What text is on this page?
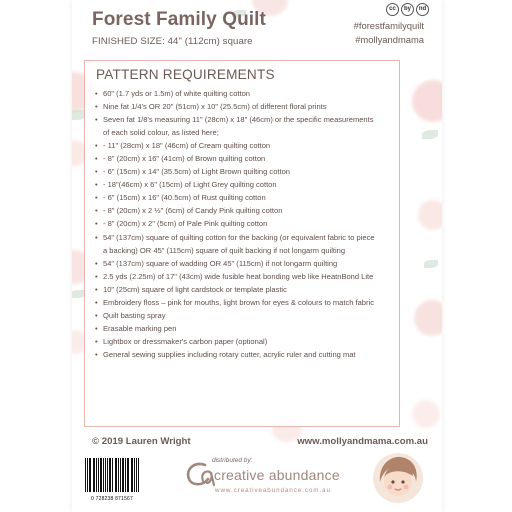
Forest Family Quilt
FINISHED SIZE: 44" (112cm) square
cc	by	nd
#forestfamilyquilt
#mollyandmama
PATTERN REQUIREMENTS
• 60" (1.7 yds or 1.5m) of white quilting cotton
• Nine fat 1/4's OR 20" (51cm) x 10" (25.5cm) of different floral prints
• Seven fat 1/8's measuring 11" (28cm) x 18" (46cm) or the specific measurements
of each solid colour, as listed here;
• - 11" (28cm) x 18" (46cm) of Cream quilting cotton
• - 8" (20cm) x 16" (41cm) of Brown quilting cotton
• - 6" (15cm) x 14" (35.5cm) of Light Brown quilting cotton
• - 18"(46cm) x 6" (15cm) of Light Grey quilting cotton
• - 6" (15cm) x 16" (40.5cm) of Rust quilting cotton
• - 8" (20cm) x 2 ½" (6cm) of Candy Pink quilting cotton
• - 8" (20cm) x 2" (5cm) of Pale Pink quilting cotton
• 54" (137cm) square of quilting cotton for the backing (or equivalent fabric to piece
a backing) OR 45" (115cm) square of quilt backing if not longarm quilting
• 54" (137cm) square of wadding OR 45" (115cm) if not longarm quilting
• 2.5 yds (2.25m) of 17" (43cm) wide fusible heat bonding web like HeatnBond Lite
• 10" (25cm) square of light cardstock or template plastic
• Embroidery floss – pink for mouths, light brown for eyes & colours to match fabric
• Quilt basting spray
• Erasable marking pen
• Lightbox or dressmaker's carbon paper (optional)
• General sewing supplies including rotary cutter, acrylic ruler and cutting mat
© 2019 Lauren Wright	www.mollyandmama.com.au
0 728238 871567
distributed by:
creative abundance
www.creativeabundance.com.au
